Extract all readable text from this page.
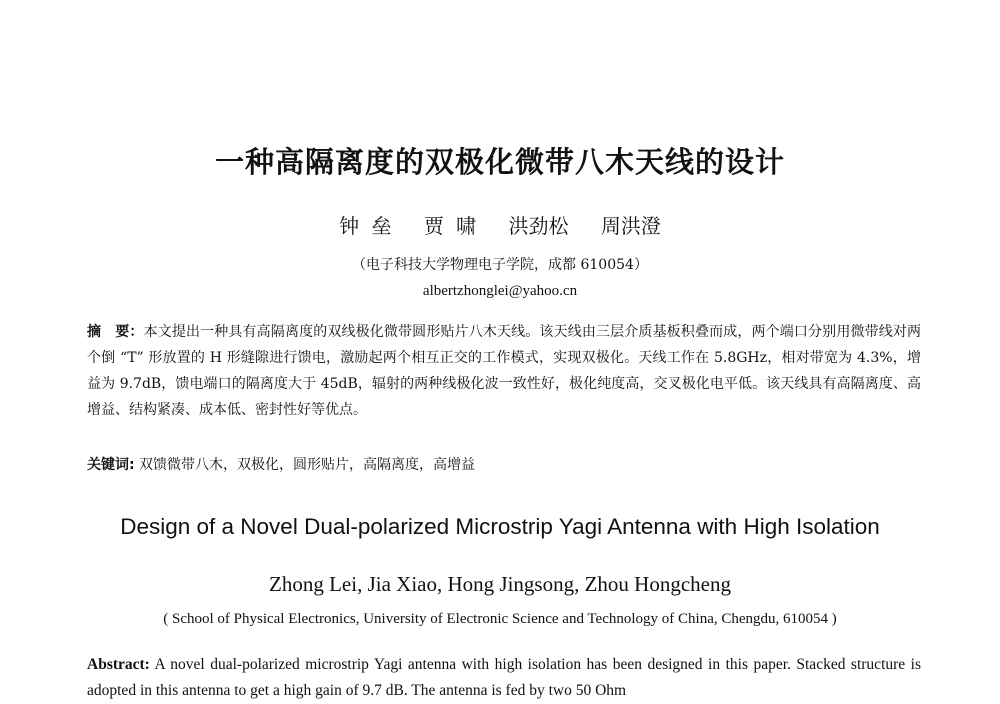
一种高隔离度的双极化微带八木天线的设计
钟 垒 贾 啸 洪劲松 周洪澄
（电子科技大学物理电子学院，成都 610054）
albertzhonglei@yahoo.cn
摘　要：本文提出一种具有高隔离度的双线极化微带圆形贴片八木天线。该天线由三层介质基板积叠而成，两个端口分别用微带线对两个倒 “T” 形放置的 H 形缝隙进行馈电，激励起两个相互正交的工作模式，实现双极化。天线工作在 5.8GHz，相对带宽为 4.3%，增益为 9.7dB，馈电端口的隔离度大于 45dB，辐射的两种线极化波一致性好，极化纯度高，交叉极化电平低。该天线具有高隔离度、高增益、结构紧凑、成本低、密封性好等优点。
关键词: 双馈微带八木，双极化，圆形贴片，高隔离度，高增益
Design of a Novel Dual-polarized Microstrip Yagi Antenna with High Isolation
Zhong Lei, Jia Xiao, Hong Jingsong, Zhou Hongcheng
( School of Physical Electronics, University of Electronic Science and Technology of China, Chengdu, 610054 )
Abstract: A novel dual-polarized microstrip Yagi antenna with high isolation has been designed in this paper. Stacked structure is adopted in this antenna to get a high gain of 9.7 dB. The antenna is fed by two 50 Ohm
